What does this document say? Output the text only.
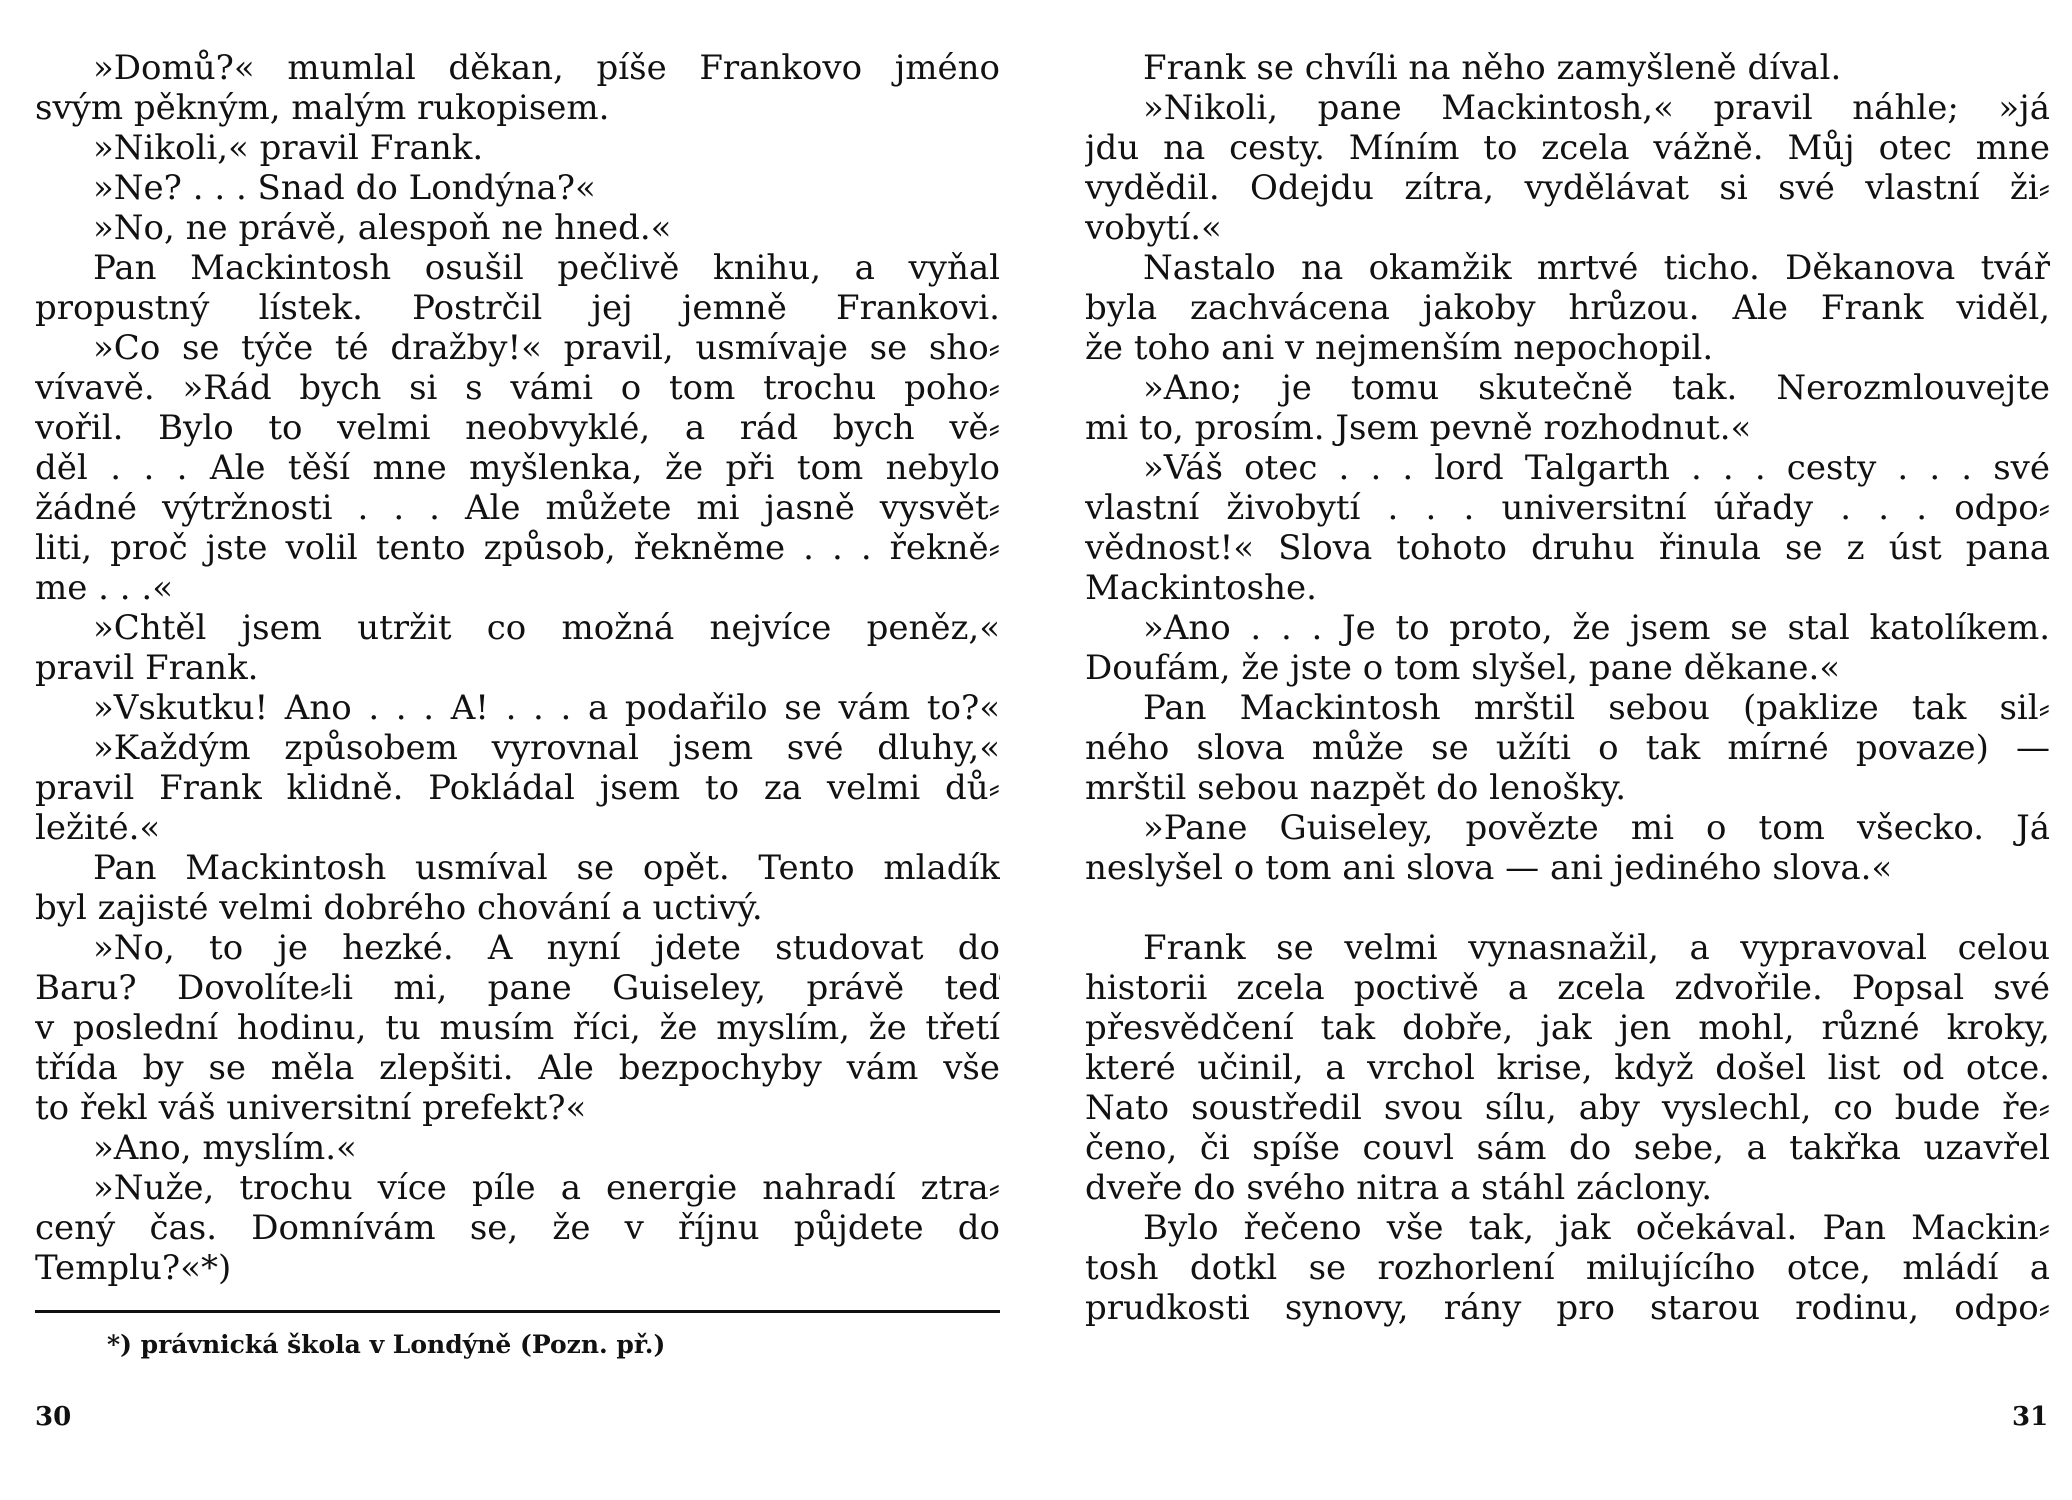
»Domů?« mumlal děkan, píše Frankovo jméno
svým pěkným, malým rukopisem.
»Nikoli,« pravil Frank.
»Ne? . . . Snad do Londýna?«
»No, ne právě, alespoň ne hned.«
Pan Mackintosh osušil pečlivě knihu, a vyňal
propustný lístek. Postrčil jej jemně Frankovi.
»Co se týče té dražby!« pravil, usmívaje se sho⸗
vívavě. »Rád bych si s vámi o tom trochu poho⸗
vořil. Bylo to velmi neobvyklé, a rád bych vě⸗
děl . . . Ale těší mne myšlenka, že při tom nebylo
žádné výtržnosti . . . Ale můžete mi jasně vysvět⸗
liti, proč jste volil tento způsob, řekněme . . . řekně⸗
me . . .«
»Chtěl jsem utržit co možná nejvíce peněz,«
pravil Frank.
»Vskutku! Ano . . . A! . . . a podařilo se vám to?«
»Každým způsobem vyrovnal jsem své dluhy,«
pravil Frank klidně. Pokládal jsem to za velmi dů⸗
ležité.«
Pan Mackintosh usmíval se opět. Tento mladík
byl zajisté velmi dobrého chování a uctivý.
»No, to je hezké. A nyní jdete studovat do
Baru? Dovolíte⸗li mi, pane Guiseley, právě teď
v poslední hodinu, tu musím říci, že myslím, že třetí
třída by se měla zlepšiti. Ale bezpochyby vám vše
to řekl váš universitní prefekt?«
»Ano, myslím.«
»Nuže, trochu více píle a energie nahradí ztra⸗
cený čas. Domnívám se, že v říjnu půjdete do
Templu?«*)
*) právnická škola v Londýně (Pozn. př.)
Frank se chvíli na něho zamyšleně díval.
»Nikoli, pane Mackintosh,« pravil náhle; »já
jdu na cesty. Míním to zcela vážně. Můj otec mne
vydědil. Odejdu zítra, vydělávat si své vlastní ži⸗
vobytí.«
Nastalo na okamžik mrtvé ticho. Děkanova tvář
byla zachvácena jakoby hrůzou. Ale Frank viděl,
že toho ani v nejmenším nepochopil.
»Ano; je tomu skutečně tak. Nerozmlouvejte
mi to, prosím. Jsem pevně rozhodnut.«
»Váš otec . . . lord Talgarth . . . cesty . . . své
vlastní živobytí . . . universitní úřady . . . odpo⸗
vědnost!« Slova tohoto druhu řinula se z úst pana
Mackintoshe.
»Ano . . . Je to proto, že jsem se stal katolíkem.
Doufám, že jste o tom slyšel, pane děkane.«
Pan Mackintosh mrštil sebou (paklize tak sil⸗
ného slova může se užíti o tak mírné povaze) —
mrštil sebou nazpět do lenošky.
»Pane Guiseley, povězte mi o tom všecko. Já
neslyšel o tom ani slova — ani jediného slova.«
Frank se velmi vynasnažil, a vypravoval celou
historii zcela poctivě a zcela zdvořile. Popsal své
přesvědčení tak dobře, jak jen mohl, různé kroky,
které učinil, a vrchol krise, když došel list od otce.
Nato soustředil svou sílu, aby vyslechl, co bude ře⸗
čeno, či spíše couvl sám do sebe, a takřka uzavřel
dveře do svého nitra a stáhl záclony.
Bylo řečeno vše tak, jak očekával. Pan Mackin⸗
tosh dotkl se rozhorlení milujícího otce, mládí a
prudkosti synovy, rány pro starou rodinu, odpo⸗
30	31
